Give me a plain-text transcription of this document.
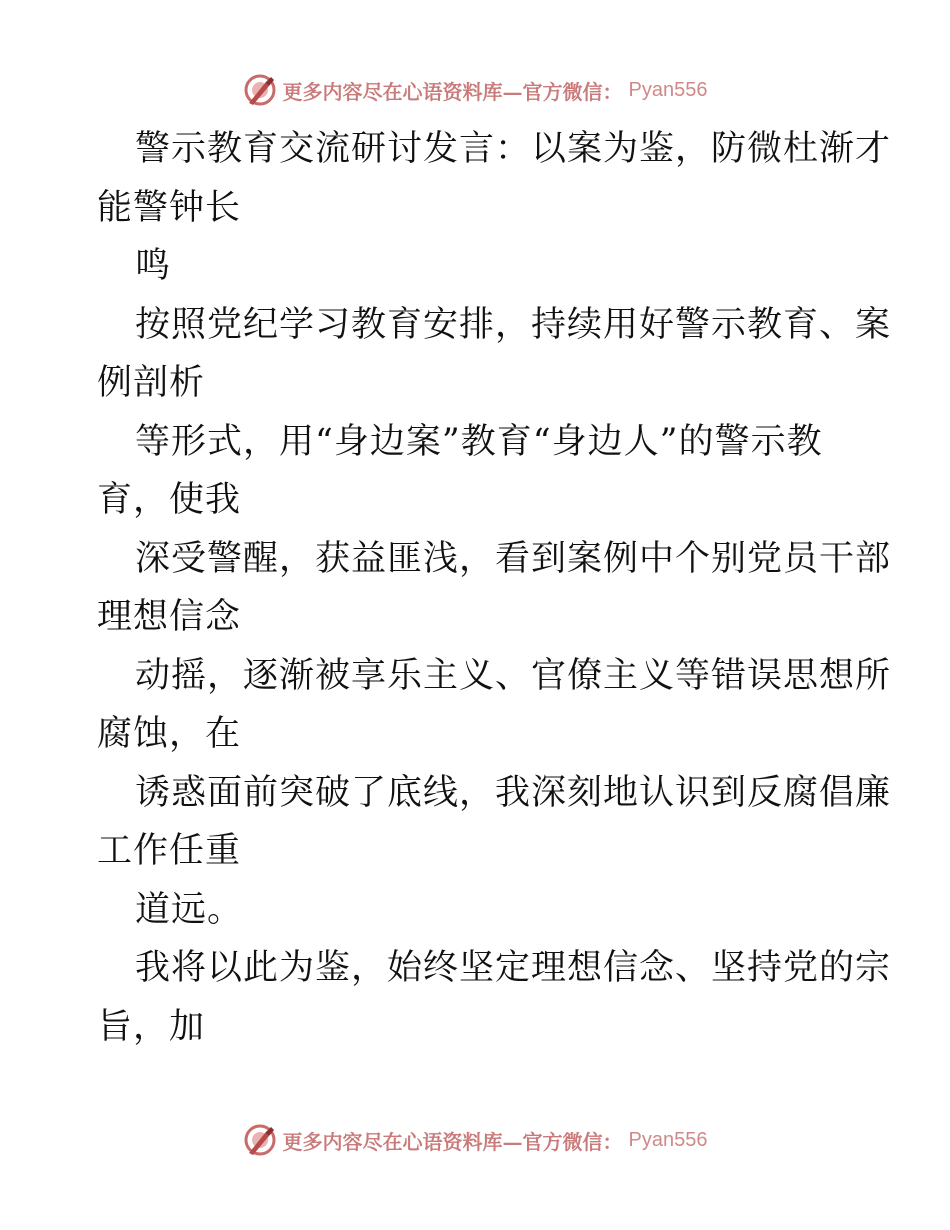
更多内容尽在心语资料库—官方微信： Pyan556
警示教育交流研讨发言：以案为鉴，防微杜渐才
能警钟长
鸣
按照党纪学习教育安排，持续用好警示教育、案
例剖析
等形式，用“身边案”教育“身边人”的警示教
育，使我
深受警醒，获益匪浅，看到案例中个别党员干部
理想信念
动摇，逐渐被享乐主义、官僚主义等错误思想所
腐蚀，在
诱惑面前突破了底线，我深刻地认识到反腐倡廉
工作任重
道远。
我将以此为鉴，始终坚定理想信念、坚持党的宗
旨，加
更多内容尽在心语资料库—官方微信： Pyan556
